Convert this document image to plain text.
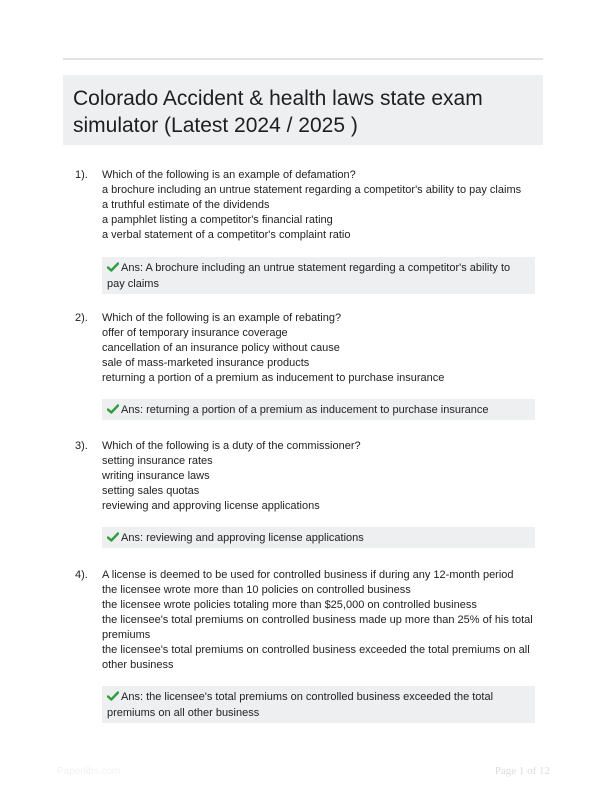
Colorado Accident & health laws state exam simulator (Latest 2024 / 2025 )
1). Which of the following is an example of defamation?
a brochure including an untrue statement regarding a competitor's ability to pay claims
a truthful estimate of the dividends
a pamphlet listing a competitor's financial rating
a verbal statement of a competitor's complaint ratio
Ans: A brochure including an untrue statement regarding a competitor's ability to pay claims
2). Which of the following is an example of rebating?
offer of temporary insurance coverage
cancellation of an insurance policy without cause
sale of mass-marketed insurance products
returning a portion of a premium as inducement to purchase insurance
Ans: returning a portion of a premium as inducement to purchase insurance
3). Which of the following is a duty of the commissioner?
setting insurance rates
writing insurance laws
setting sales quotas
reviewing and approving license applications
Ans: reviewing and approving license applications
4). A license is deemed to be used for controlled business if during any 12-month period
the licensee wrote more than 10 policies on controlled business
the licensee wrote policies totaling more than $25,000 on controlled business
the licensee's total premiums on controlled business made up more than 25% of his total premiums
the licensee's total premiums on controlled business exceeded the total premiums on all other business
Ans: the licensee's total premiums on controlled business exceeded the total premiums on all other business
Paperlibs.com	Page 1 of 12
